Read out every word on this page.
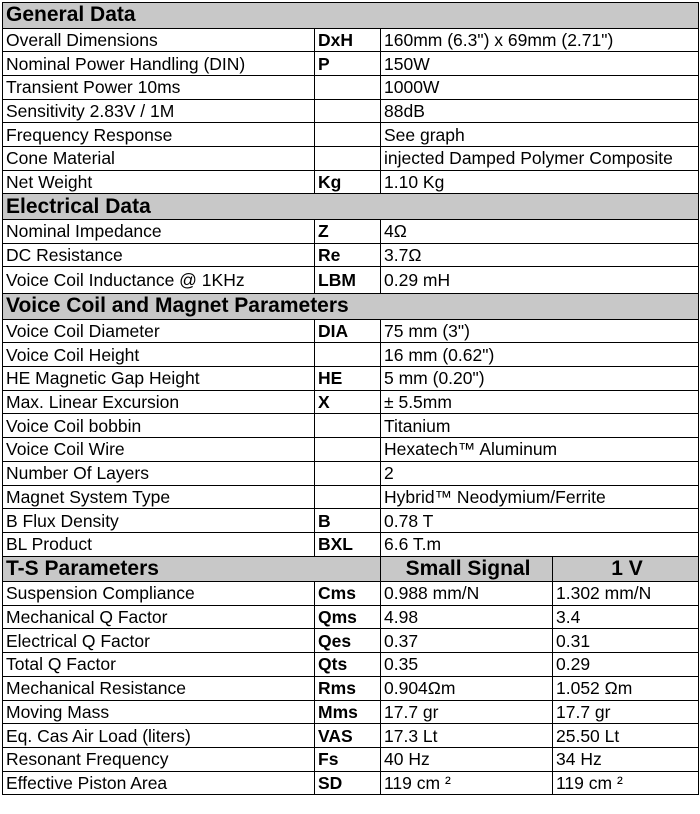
General Data			
Overall Dimensions	DxH	160mm (6.3") x 69mm (2.71")	
Nominal Power Handling (DIN)	P	150W	
Transient Power 10ms		1000W	
Sensitivity 2.83V / 1M		88dB	
Frequency Response		See graph	
Cone Material		injected Damped Polymer Composite	
Net Weight	Kg	1.10 Kg	
Electrical Data			
Nominal Impedance	Z	4Ω	
DC Resistance	Re	3.7Ω	
Voice Coil Inductance @ 1KHz	LBM	0.29 mH	
Voice Coil and Magnet Parameters			
Voice Coil Diameter	DIA	75 mm (3")	
Voice Coil Height		16 mm (0.62")	
HE Magnetic Gap Height	HE	5 mm (0.20")	
Max. Linear Excursion	X	± 5.5mm	
Voice Coil bobbin		Titanium	
Voice Coil Wire		Hexatech™ Aluminum	
Number Of Layers		2	
Magnet System Type		Hybrid™ Neodymium/Ferrite	
B Flux Density	B	0.78 T	
BL Product	BXL	6.6 T.m	
T-S Parameters		Small Signal	1 V
Suspension Compliance	Cms	0.988 mm/N	1.302 mm/N
Mechanical Q Factor	Qms	4.98	3.4
Electrical Q Factor	Qes	0.37	0.31
Total Q Factor	Qts	0.35	0.29
Mechanical Resistance	Rms	0.904Ωm	1.052 Ωm
Moving Mass	Mms	17.7 gr	17.7 gr
Eq. Cas Air Load (liters)	VAS	17.3 Lt	25.50 Lt
Resonant Frequency	Fs	40 Hz	34 Hz
Effective Piston Area	SD	119 cm ²	119 cm ²
